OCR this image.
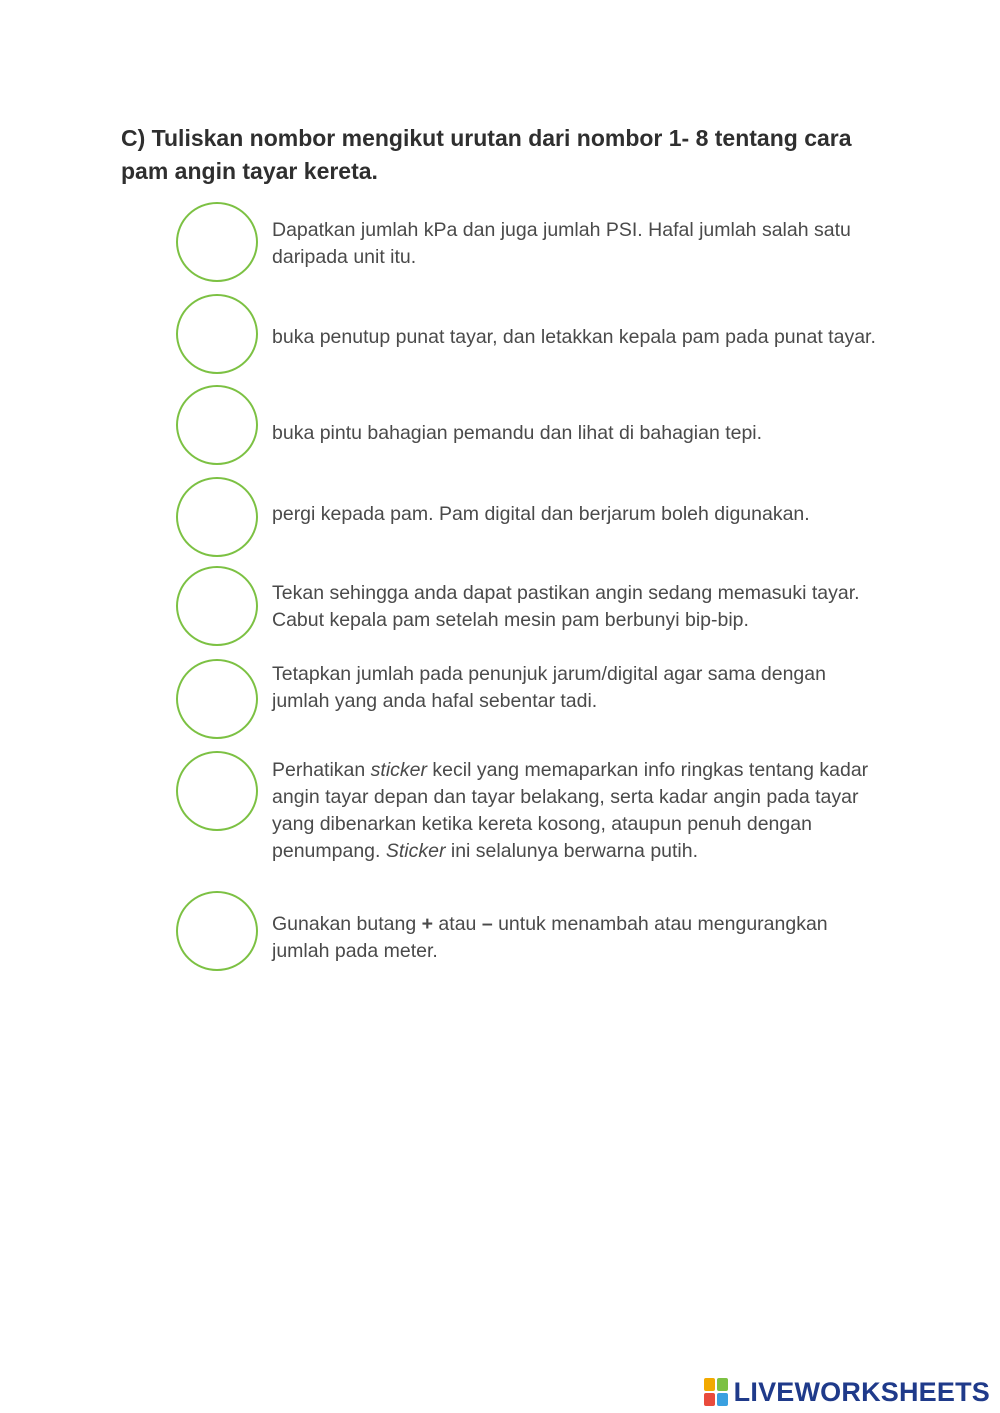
C) Tuliskan nombor mengikut urutan dari nombor 1- 8 tentang cara pam angin tayar kereta.

Dapatkan jumlah kPa dan juga jumlah PSI. Hafal jumlah salah satu daripada unit itu.

buka penutup punat tayar, dan letakkan kepala pam pada punat tayar.

buka pintu bahagian pemandu dan lihat di bahagian tepi.

pergi kepada pam. Pam digital dan berjarum boleh digunakan.

Tekan sehingga anda dapat pastikan angin sedang memasuki tayar. Cabut kepala pam setelah mesin pam berbunyi bip-bip.

Tetapkan jumlah pada penunjuk jarum/digital agar sama dengan jumlah yang anda hafal sebentar tadi.

Perhatikan sticker kecil yang memaparkan info ringkas tentang kadar angin tayar depan dan tayar belakang, serta kadar angin pada tayar yang dibenarkan ketika kereta kosong, ataupun penuh dengan penumpang. Sticker ini selalunya berwarna putih.

Gunakan butang + atau – untuk menambah atau mengurangkan jumlah pada meter.

LIVEWORKSHEETS
